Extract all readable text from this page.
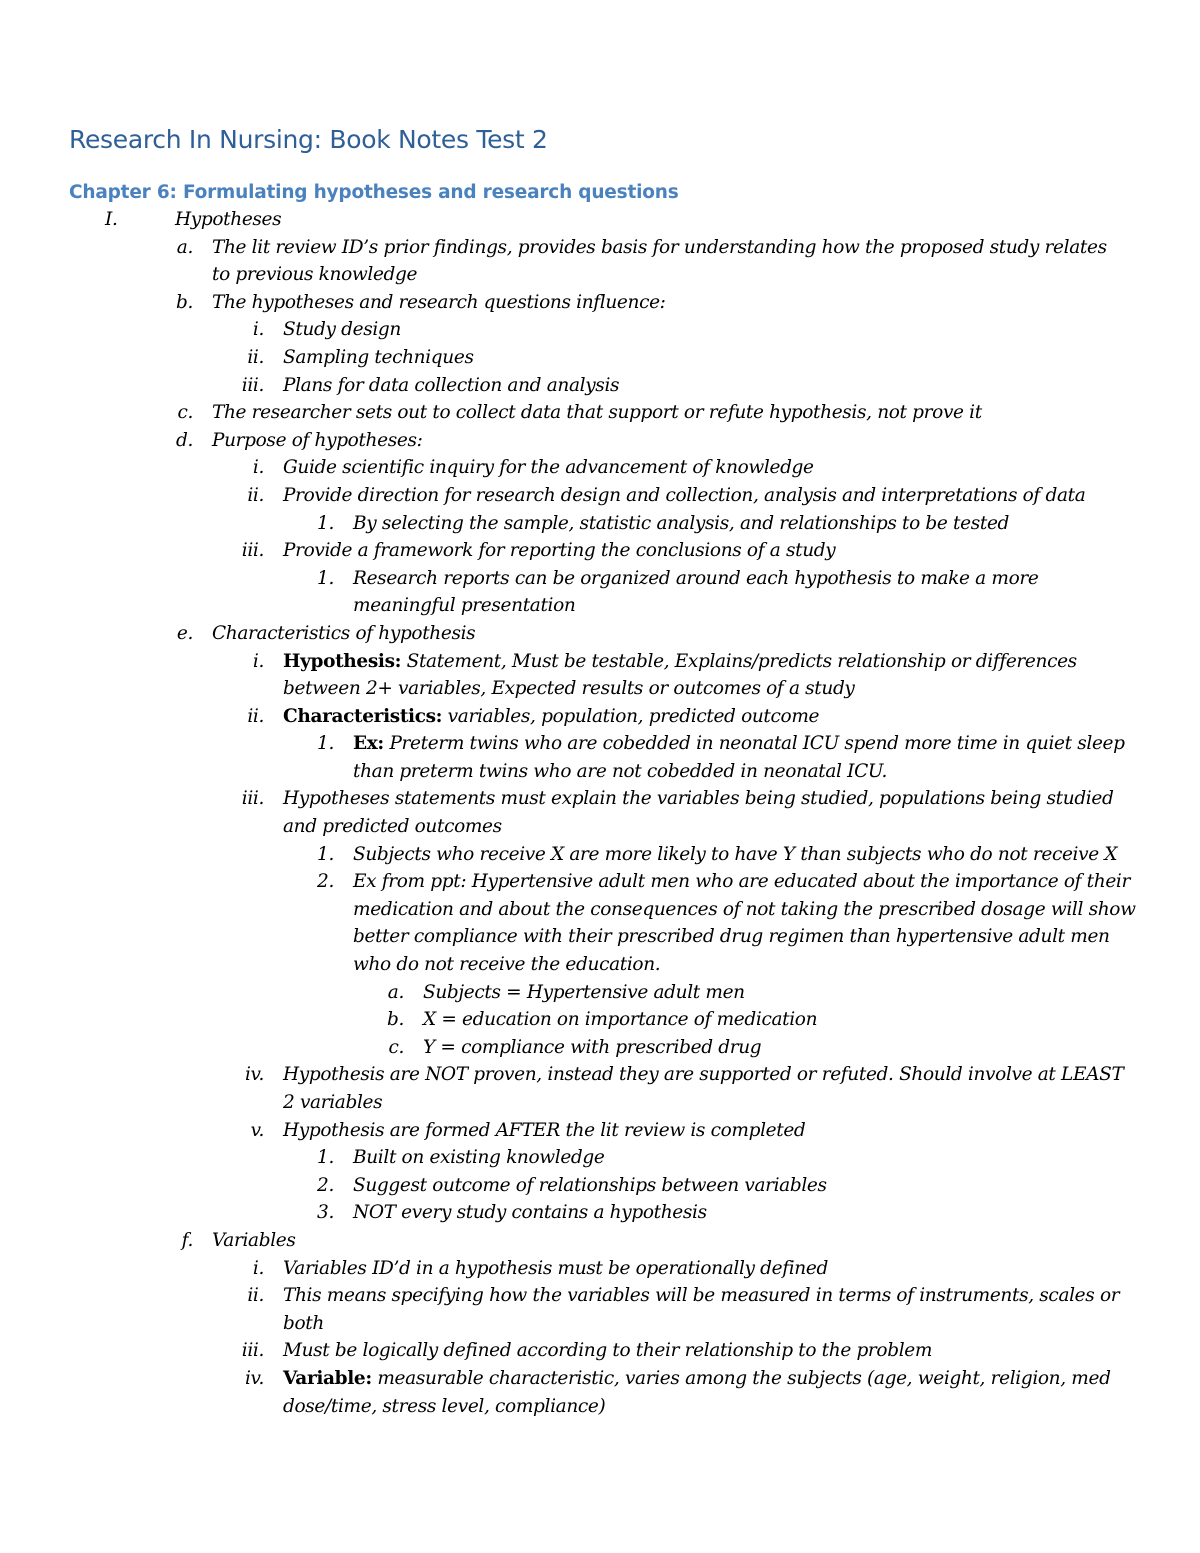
Research In Nursing: Book Notes Test 2
Chapter 6: Formulating hypotheses and research questions
I.	Hypotheses
a.	The lit review ID’s prior findings, provides basis for understanding how the proposed study relates to previous knowledge
b.	The hypotheses and research questions influence:
i.	Study design
ii.	Sampling techniques
iii.	Plans for data collection and analysis
c.	The researcher sets out to collect data that support or refute hypothesis, not prove it
d.	Purpose of hypotheses:
i.	Guide scientific inquiry for the advancement of knowledge
ii.	Provide direction for research design and collection, analysis and interpretations of data
1.	By selecting the sample, statistic analysis, and relationships to be tested
iii.	Provide a framework for reporting the conclusions of a study
1.	Research reports can be organized around each hypothesis to make a more meaningful presentation
e.	Characteristics of hypothesis
i.	Hypothesis: Statement, Must be testable, Explains/predicts relationship or differences between 2+ variables, Expected results or outcomes of a study
ii.	Characteristics: variables, population, predicted outcome
1.	Ex: Preterm twins who are cobedded in neonatal ICU spend more time in quiet sleep than preterm twins who are not cobedded in neonatal ICU.
iii.	Hypotheses statements must explain the variables being studied, populations being studied and predicted outcomes
1.	Subjects who receive X are more likely to have Y than subjects who do not receive X
2.	Ex from ppt: Hypertensive adult men who are educated about the importance of their medication and about the consequences of not taking the prescribed dosage will show better compliance with their prescribed drug regimen than hypertensive adult men who do not receive the education.
a.	Subjects = Hypertensive adult men
b.	X = education on importance of medication
c.	Y = compliance with prescribed drug
iv.	Hypothesis are NOT proven, instead they are supported or refuted. Should involve at LEAST 2 variables
v.	Hypothesis are formed AFTER the lit review is completed
1.	Built on existing knowledge
2.	Suggest outcome of relationships between variables
3.	NOT every study contains a hypothesis
f.	Variables
i.	Variables ID’d in a hypothesis must be operationally defined
ii.	This means specifying how the variables will be measured in terms of instruments, scales or both
iii.	Must be logically defined according to their relationship to the problem
iv.	Variable: measurable characteristic, varies among the subjects (age, weight, religion, med dose/time, stress level, compliance)
